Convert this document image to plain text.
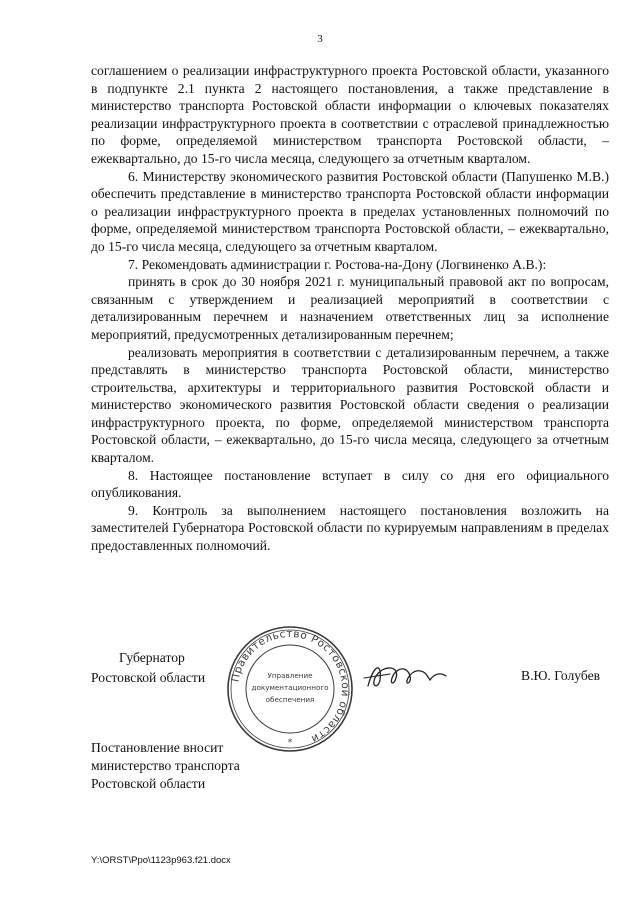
3

соглашением о реализации инфраструктурного проекта Ростовской области, указанного в подпункте 2.1 пункта 2 настоящего постановления, а также представление в министерство транспорта Ростовской области информации о ключевых показателях реализации инфраструктурного проекта в соответствии с отраслевой принадлежностью по форме, определяемой министерством транспорта Ростовской области, – ежеквартально, до 15-го числа месяца, следующего за отчетным кварталом.

6. Министерству экономического развития Ростовской области (Папушенко М.В.) обеспечить представление в министерство транспорта Ростовской области информации о реализации инфраструктурного проекта в пределах установленных полномочий по форме, определяемой министерством транспорта Ростовской области, – ежеквартально, до 15-го числа месяца, следующего за отчетным кварталом.

7. Рекомендовать администрации г. Ростова-на-Дону (Логвиненко А.В.):

принять в срок до 30 ноября 2021 г. муниципальный правовой акт по вопросам, связанным с утверждением и реализацией мероприятий в соответствии с детализированным перечнем и назначением ответственных лиц за исполнение мероприятий, предусмотренных детализированным перечнем;

реализовать мероприятия в соответствии с детализированным перечнем, а также представлять в министерство транспорта Ростовской области, министерство строительства, архитектуры и территориального развития Ростовской области и министерство экономического развития Ростовской области сведения о реализации инфраструктурного проекта, по форме, определяемой министерством транспорта Ростовской области, – ежеквартально, до 15-го числа месяца, следующего за отчетным кварталом.

8. Настоящее постановление вступает в силу со дня его официального опубликования.

9. Контроль за выполнением настоящего постановления возложить на заместителей Губернатора Ростовской области по курируемым направлениям в пределах предоставленных полномочий.

Губернатор
Ростовской области Правительство Ростовской области
Управление
документационного
обеспечения
*
В.Ю. Голубев
Постановление вносит
министерство транспорта
Ростовской области
Y:\ORST\Ppo\1123p963.f21.docx
